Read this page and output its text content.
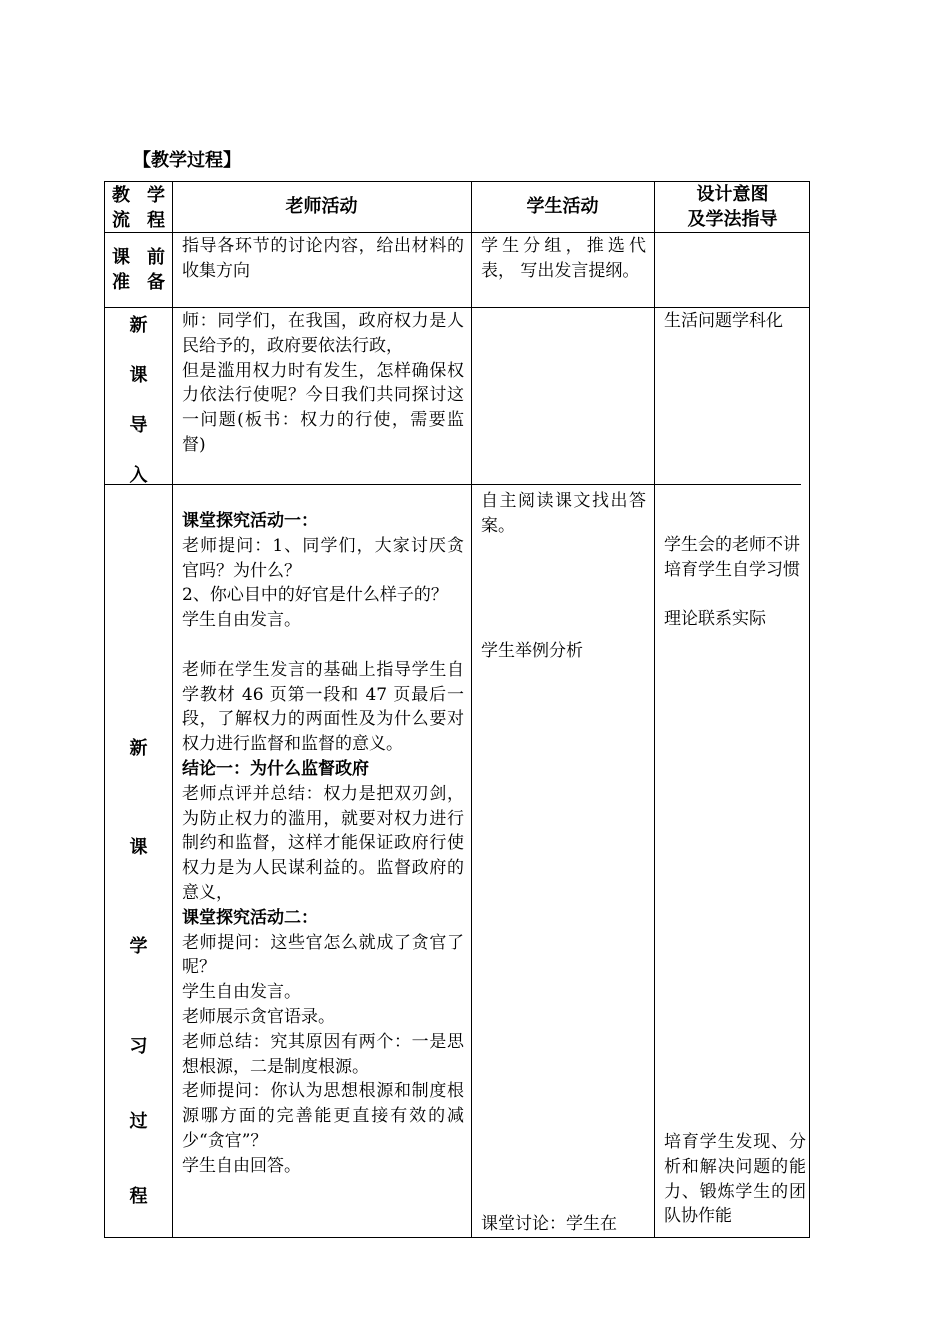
【教学过程】
教 学
流 程
老师活动	学生活动
设计意图
及学法指导
课 前
准 备
指导各环节的讨论内容，给出材料的收集方向
学生分组，推选代表， 写出发言提纲。
新
课
导
入
师：同学们，在我国，政府权力是人民给予的，政府要依法行政，
但是滥用权力时有发生，怎样确保权力依法行使呢？今日我们共同探讨这一问题(板书：权力的行使，需要监督)
生活问题学科化
新
课
学
习
过
程
课堂探究活动一：
老师提问：1、同学们，大家讨厌贪官吗？为什么？
2、你心目中的好官是什么样子的？
学生自由发言。
老师在学生发言的基础上指导学生自学教材 46 页第一段和 47 页最后一段，了解权力的两面性及为什么要对权力进行监督和监督的意义。
结论一：为什么监督政府
老师点评并总结：权力是把双刃剑，为防止权力的滥用，就要对权力进行制约和监督，这样才能保证政府行使权力是为人民谋利益的。监督政府的意义，
课堂探究活动二：
老师提问：这些官怎么就成了贪官了呢？
学生自由发言。
老师展示贪官语录。
老师总结：究其原因有两个：一是思想根源，二是制度根源。
老师提问：你认为思想根源和制度根源哪方面的完善能更直接有效的减少“贪官”？
学生自由回答。
自主阅读课文找出答案。
学生举例分析
课堂讨论：学生在
学生会的老师不讲
培育学生自学习惯
理论联系实际
培育学生发现、分析和解决问题的能力、锻炼学生的团队协作能
